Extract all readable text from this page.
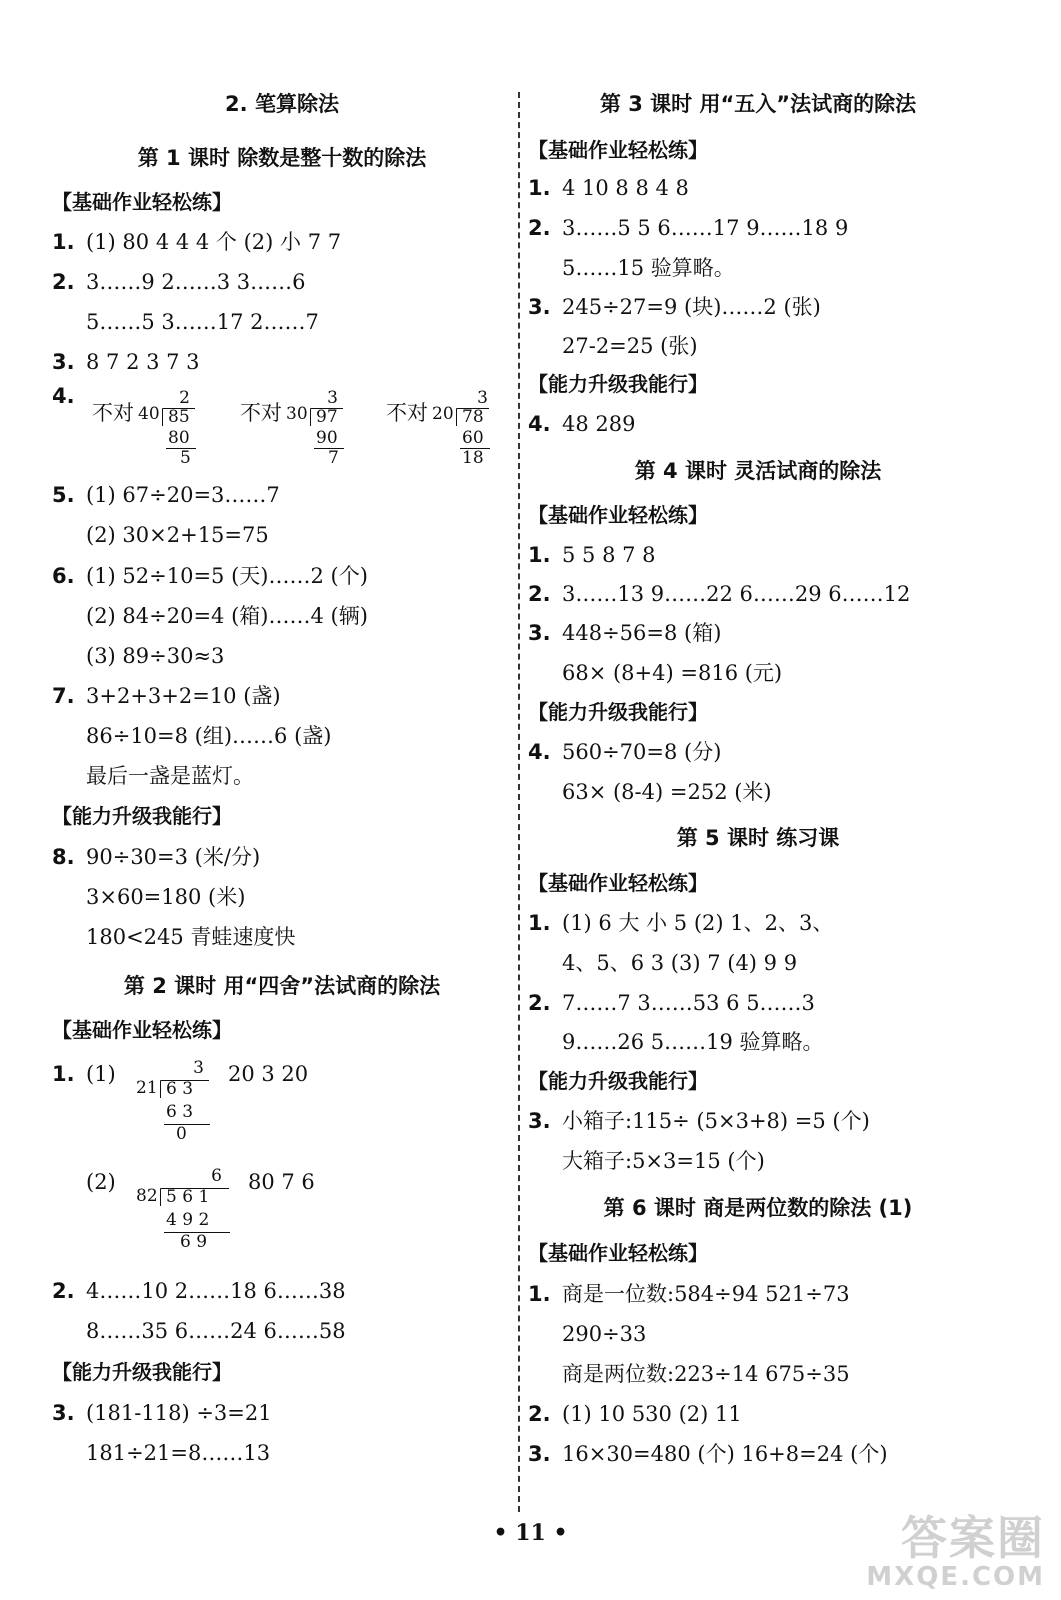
2. 笔算除法
第 1 课时 除数是整十数的除法
【基础作业轻松练】
1. (1) 80 4 4 4 个 (2) 小 7 7
2. 3……9 2……3 3……6
5……5 3……17 2……7
3. 8 7 2 3 7 3
4.
不对 40
2
85
80
5
不对 30
3
97
90
7
不对 20
3
78
60
18
5. (1) 67÷20=3……7
(2) 30×2+15=75
6. (1) 52÷10=5 (天)……2 (个)
(2) 84÷20=4 (箱)……4 (辆)
(3) 89÷30≈3
7. 3+2+3+2=10 (盏)
86÷10=8 (组)……6 (盏)
最后一盏是蓝灯。
【能力升级我能行】
8. 90÷30=3 (米/分)
3×60=180 (米)
180<245 青蛙速度快
第 2 课时 用“四舍”法试商的除法
【基础作业轻松练】
1. (1)
21
3
6 3
6 3
0
20 3 20
(2)
82
6
5 6 1
4 9 2
6 9
80 7 6
2. 4……10 2……18 6……38
8……35 6……24 6……58
【能力升级我能行】
3. (181-118) ÷3=21
181÷21=8……13
第 3 课时 用“五入”法试商的除法
【基础作业轻松练】
1. 4 10 8 8 4 8
2. 3……5 5 6……17 9……18 9
5……15 验算略。
3. 245÷27=9 (块)……2 (张)
27-2=25 (张)
【能力升级我能行】
4. 48 289
第 4 课时 灵活试商的除法
【基础作业轻松练】
1. 5 5 8 7 8
2. 3……13 9……22 6……29 6……12
3. 448÷56=8 (箱)
68× (8+4) =816 (元)
【能力升级我能行】
4. 560÷70=8 (分)
63× (8-4) =252 (米)
第 5 课时 练习课
【基础作业轻松练】
1. (1) 6 大 小 5 (2) 1、2、3、
4、5、6 3 (3) 7 (4) 9 9
2. 7……7 3……53 6 5……3
9……26 5……19 验算略。
【能力升级我能行】
3. 小箱子:115÷ (5×3+8) =5 (个)
大箱子:5×3=15 (个)
第 6 课时 商是两位数的除法 (1)
【基础作业轻松练】
1. 商是一位数:584÷94 521÷73
290÷33
商是两位数:223÷14 675÷35
2. (1) 10 530 (2) 11
3. 16×30=480 (个) 16+8=24 (个)
• 11 •	答案圈
MXQE.COM
